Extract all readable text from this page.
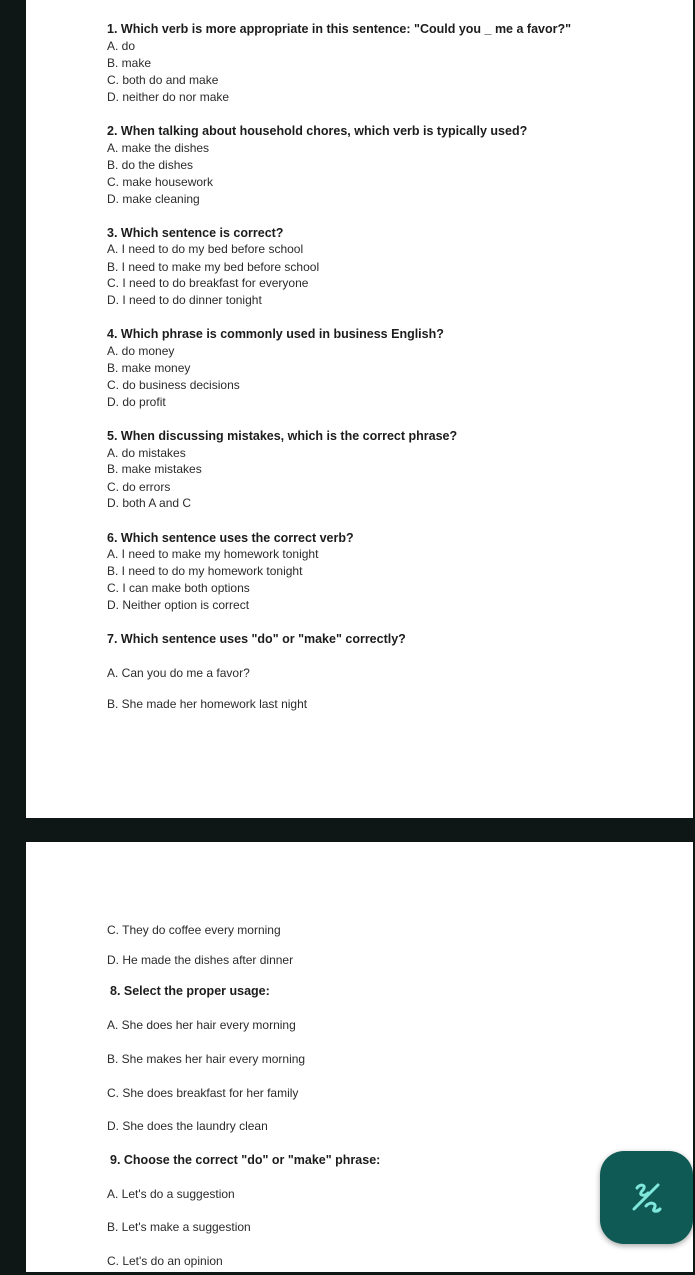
1. Which verb is more appropriate in this sentence: "Could you _ me a favor?"
A. do
B. make
C. both do and make
D. neither do nor make
2. When talking about household chores, which verb is typically used?
A. make the dishes
B. do the dishes
C. make housework
D. make cleaning
3. Which sentence is correct?
A. I need to do my bed before school
B. I need to make my bed before school
C. I need to do breakfast for everyone
D. I need to do dinner tonight
4. Which phrase is commonly used in business English?
A. do money
B. make money
C. do business decisions
D. do profit
5. When discussing mistakes, which is the correct phrase?
A. do mistakes
B. make mistakes
C. do errors
D. both A and C
6. Which sentence uses the correct verb?
A. I need to make my homework tonight
B. I need to do my homework tonight
C. I can make both options
D. Neither option is correct
7. Which sentence uses "do" or "make" correctly?
A. Can you do me a favor?
B. She made her homework last night
C. They do coffee every morning
D. He made the dishes after dinner
8. Select the proper usage:
A. She does her hair every morning
B. She makes her hair every morning
C. She does breakfast for her family
D. She does the laundry clean
9. Choose the correct "do" or "make" phrase:
A. Let's do a suggestion
B. Let's make a suggestion
C. Let's do an opinion
